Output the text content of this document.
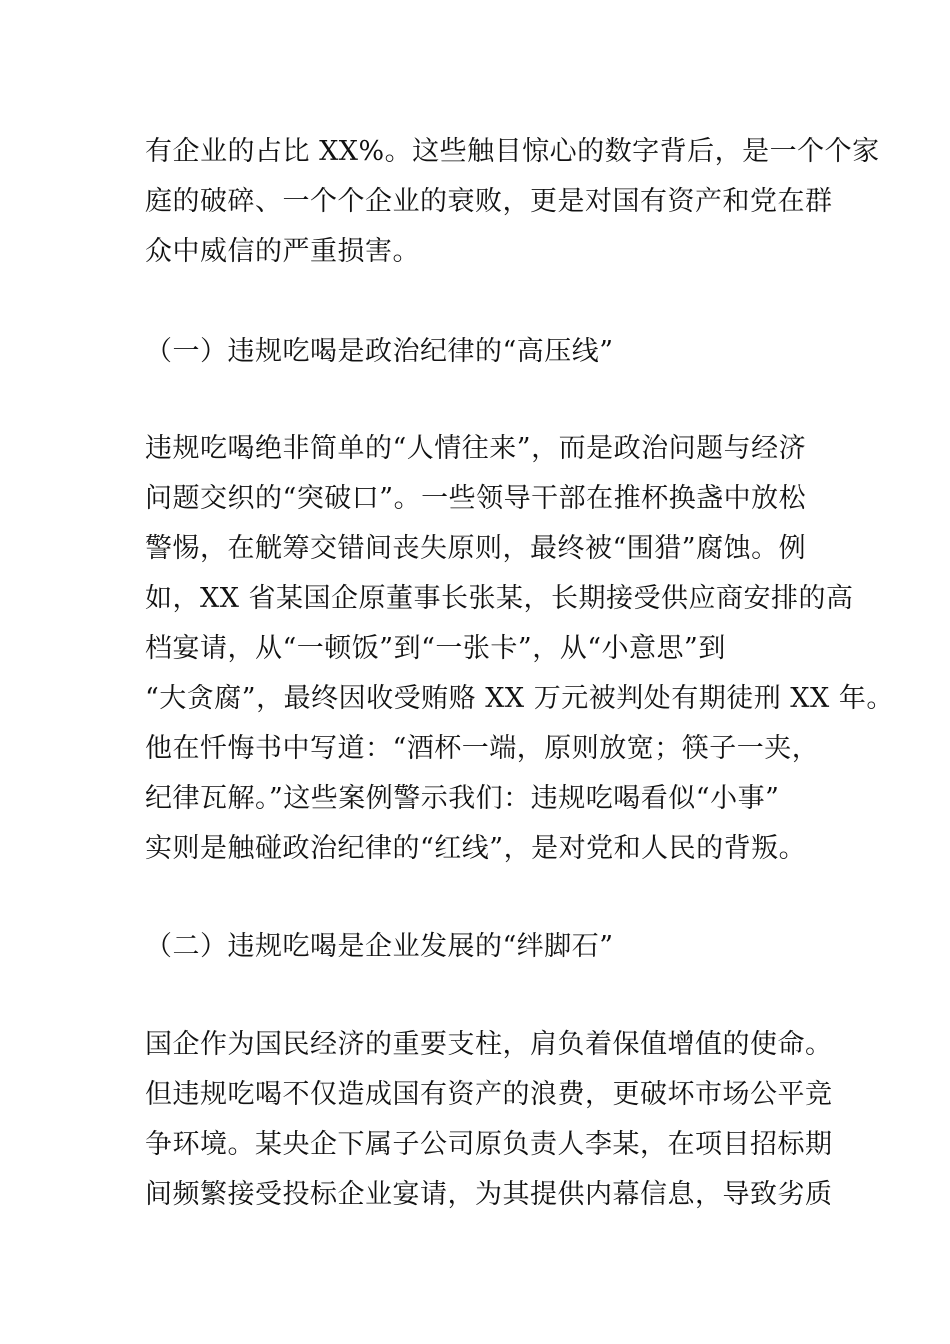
有企业的占比 XX%。这些触目惊心的数字背后，是一个个家
庭的破碎、一个个企业的衰败，更是对国有资产和党在群
众中威信的严重损害。
（一）违规吃喝是政治纪律的“高压线”
违规吃喝绝非简单的“人情往来”，而是政治问题与经济
问题交织的“突破口”。一些领导干部在推杯换盏中放松
警惕，在觥筹交错间丧失原则，最终被“围猎”腐蚀。例
如，XX 省某国企原董事长张某，长期接受供应商安排的高
档宴请，从“一顿饭”到“一张卡”，从“小意思”到
“大贪腐”，最终因收受贿赂 XX 万元被判处有期徒刑 XX 年。
他在忏悔书中写道：“酒杯一端，原则放宽；筷子一夹，
纪律瓦解。”这些案例警示我们：违规吃喝看似“小事”
实则是触碰政治纪律的“红线”，是对党和人民的背叛。
（二）违规吃喝是企业发展的“绊脚石”
国企作为国民经济的重要支柱，肩负着保值增值的使命。
但违规吃喝不仅造成国有资产的浪费，更破坏市场公平竞
争环境。某央企下属子公司原负责人李某，在项目招标期
间频繁接受投标企业宴请，为其提供内幕信息，导致劣质
